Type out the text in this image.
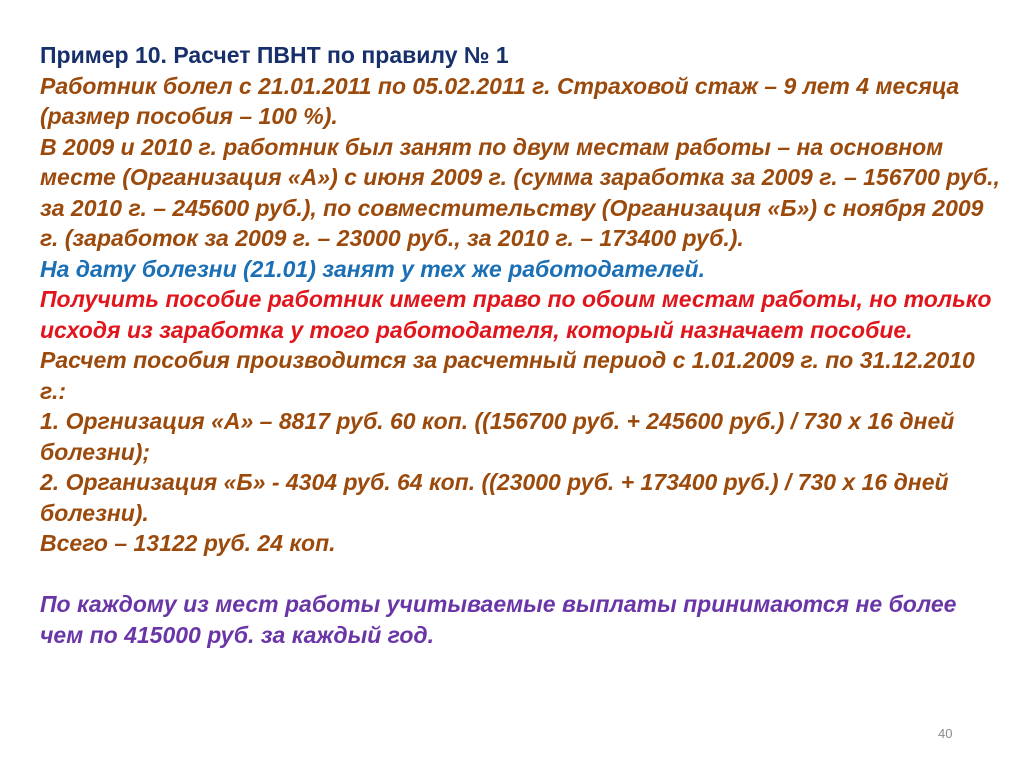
Пример 10. Расчет ПВНТ по правилу № 1

Работник болел с 21.01.2011 по 05.02.2011 г. Страховой стаж – 9 лет 4 месяца (размер пособия – 100 %).

В 2009 и 2010 г. работник был занят по двум местам работы – на основном месте (Организация «А») с июня 2009 г. (сумма заработка за 2009 г. – 156700 руб., за 2010 г. – 245600 руб.), по совместительству (Организация «Б») с ноября 2009 г. (заработок за 2009 г. – 23000 руб., за 2010 г. – 173400 руб.).

На дату болезни (21.01) занят у тех же работодателей.

Получить пособие работник имеет право по обоим местам работы, но только исходя из заработка у того работодателя, который назначает пособие.

Расчет пособия производится за расчетный период с 1.01.2009 г. по 31.12.2010 г.:

1. Оргнизация «А» – 8817 руб. 60 коп. ((156700 руб. + 245600 руб.) / 730 х 16 дней болезни);

2. Организация «Б» - 4304 руб. 64 коп. ((23000 руб. + 173400 руб.) / 730 х 16 дней болезни).

Всего – 13122 руб. 24 коп.

По каждому из мест работы учитываемые выплаты принимаются не более чем по 415000 руб. за каждый год.

40
